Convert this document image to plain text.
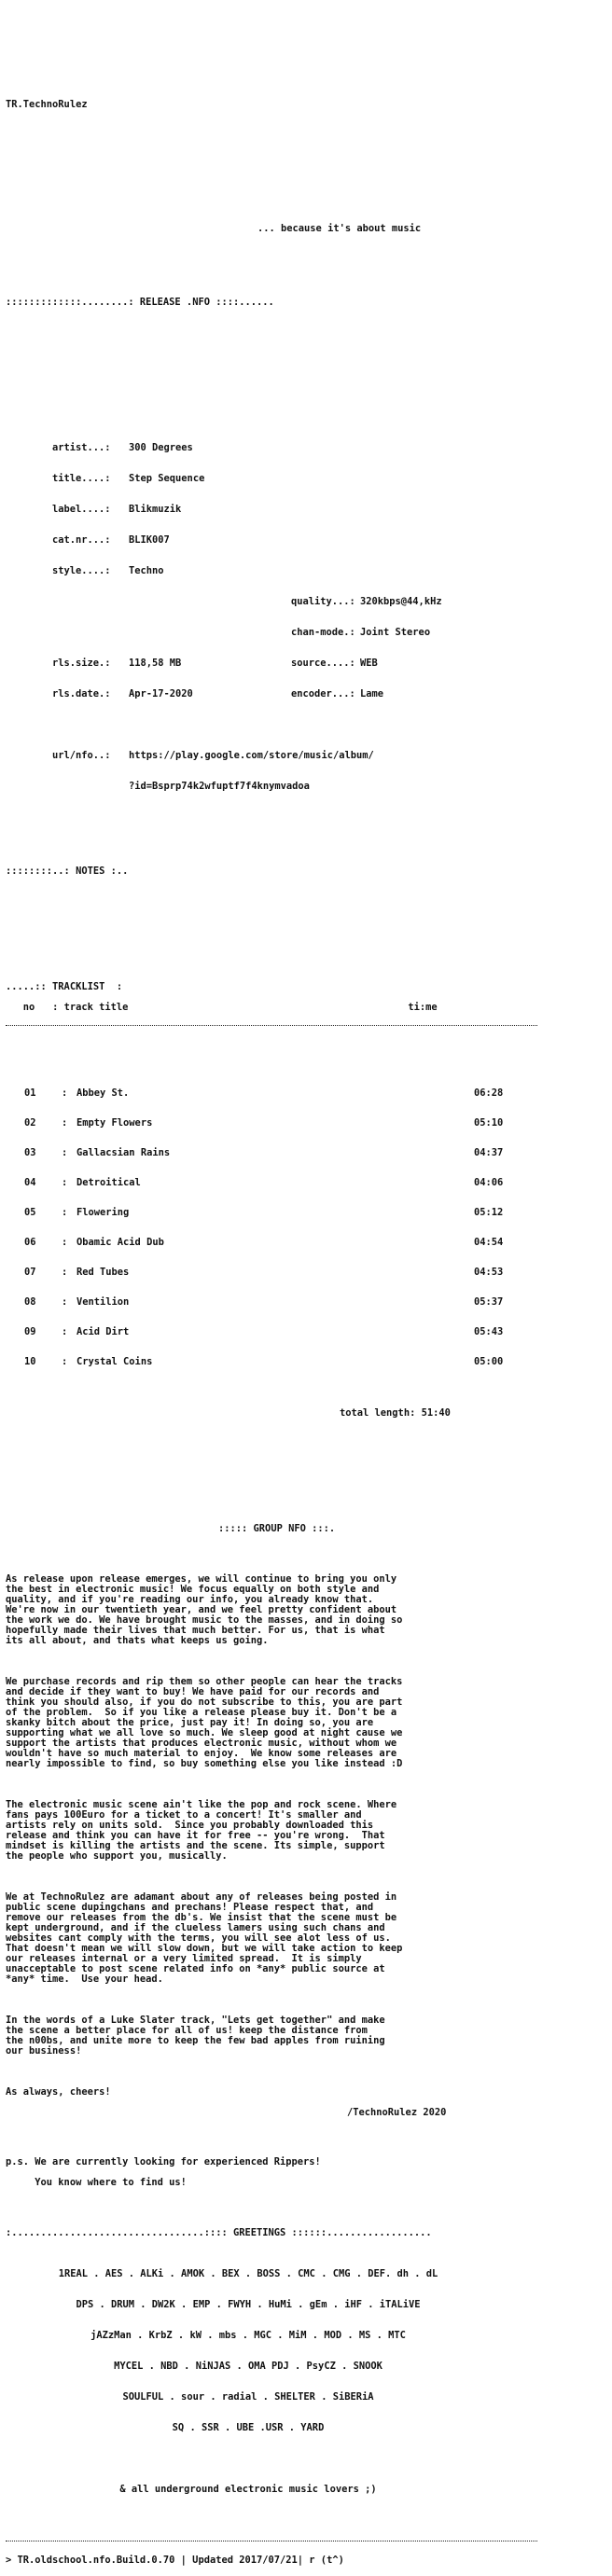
TR.TechnoRulez

... because it's about music

:::::::::::::........: RELEASE .NFO ::::......

artist...: 300 Degrees

title....: Step Sequence

label....: Blikmuzik

cat.nr...: BLIK007

style....: Techno

quality...: 320kbps@44,kHz

chan-mode.: Joint Stereo

rls.size.: 118,58 MB	source....: WEB

rls.date.: Apr-17-2020	encoder...: Lame

url/nfo..: https://play.google.com/store/music/album/

?id=Bsprp74k2wfuptf7f4knymvadoa

::::::::..: NOTES :..

.....:: TRACKLIST  :

no   : track title	ti:me

01	: Abbey St.	06:28

02	: Empty Flowers	05:10

03	: Gallacsian Rains	04:37

04	: Detroitical	04:06

05	: Flowering	05:12

06	: Obamic Acid Dub	04:54

07	: Red Tubes	04:53

08	: Ventilion	05:37

09	: Acid Dirt	05:43

10	: Crystal Coins	05:00

total length: 51:40

::::: GROUP NFO :::.

As release upon release emerges, we will continue to bring you only
the best in electronic music! We focus equally on both style and
quality, and if you're reading our info, you already know that.
We're now in our twentieth year, and we feel pretty confident about
the work we do. We have brought music to the masses, and in doing so
hopefully made their lives that much better. For us, that is what
its all about, and thats what keeps us going.

We purchase records and rip them so other people can hear the tracks
and decide if they want to buy! We have paid for our records and
think you should also, if you do not subscribe to this, you are part
of the problem.  So if you like a release please buy it. Don't be a
skanky bitch about the price, just pay it! In doing so, you are
supporting what we all love so much. We sleep good at night cause we
support the artists that produces electronic music, without whom we
wouldn't have so much material to enjoy.  We know some releases are
nearly impossible to find, so buy something else you like instead :D

The electronic music scene ain't like the pop and rock scene. Where
fans pays 100Euro for a ticket to a concert! It's smaller and
artists rely on units sold.  Since you probably downloaded this
release and think you can have it for free -- you're wrong.  That
mindset is killing the artists and the scene. Its simple, support
the people who support you, musically.

We at TechnoRulez are adamant about any of releases being posted in
public scene dupingchans and prechans! Please respect that, and
remove our releases from the db's. We insist that the scene must be
kept underground, and if the clueless lamers using such chans and
websites cant comply with the terms, you will see alot less of us.
That doesn't mean we will slow down, but we will take action to keep
our releases internal or a very limited spread.  It is simply
unacceptable to post scene related info on *any* public source at
*any* time.  Use your head.

In the words of a Luke Slater track, "Lets get together" and make
the scene a better place for all of us! keep the distance from
the n00bs, and unite more to keep the few bad apples from ruining
our business!

As always, cheers!

/TechnoRulez 2020

p.s. We are currently looking for experienced Rippers!

You know where to find us!

:.................................:::: GREETINGS ::::::..................

1REAL . AES . ALKi . AMOK . BEX . BOSS . CMC . CMG . DEF. dh . dL

DPS . DRUM . DW2K . EMP . FWYH . HuMi . gEm . iHF . iTALiVE

jAZzMan . KrbZ . kW . mbs . MGC . MiM . MOD . MS . MTC

MYCEL . NBD . NiNJAS . OMA PDJ . PsyCZ . SNOOK

SOULFUL . sour . radial . SHELTER . SiBERiA

SQ . SSR . UBE .USR . YARD

& all underground electronic music lovers ;)

> TR.oldschool.nfo.Build.0.70 | Updated 2017/07/21| r (t^)
